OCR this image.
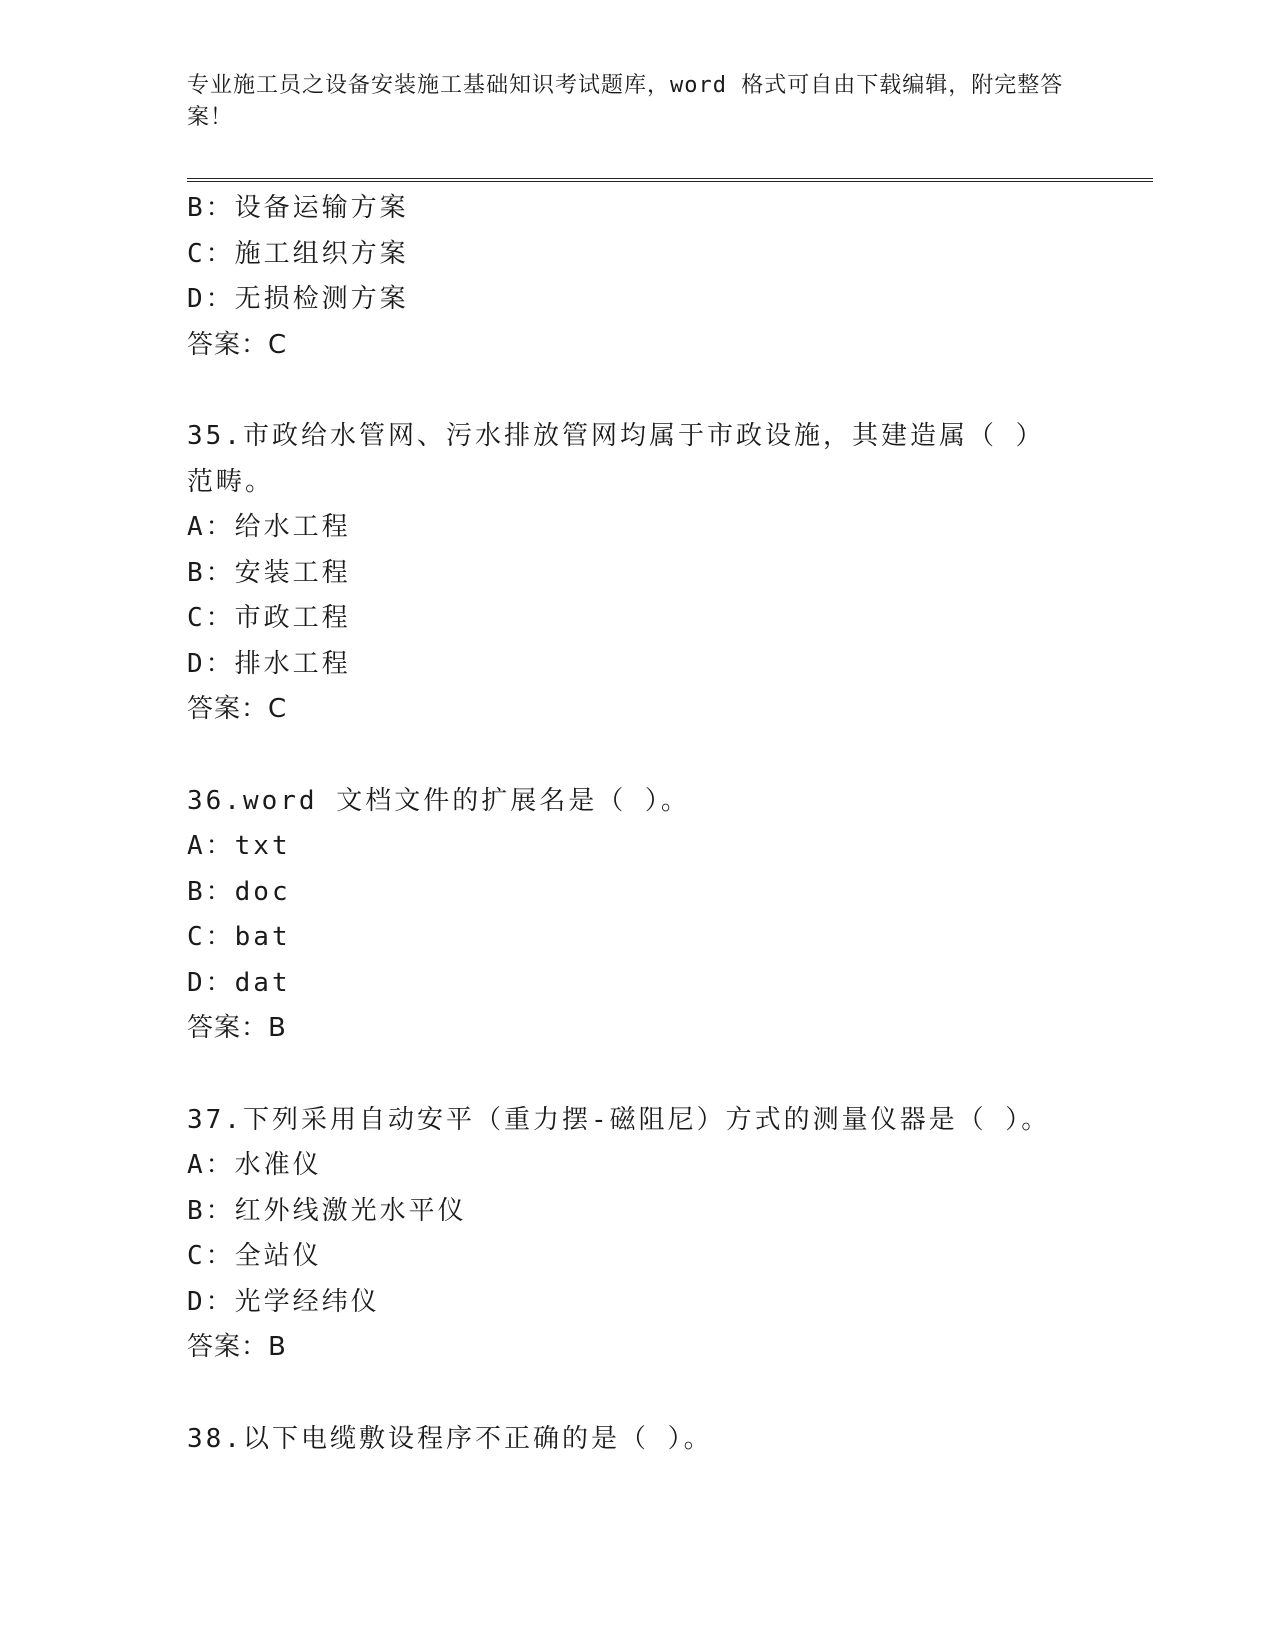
专业施工员之设备安装施工基础知识考试题库，word 格式可自由下载编辑，附完整答案！
B：设备运输方案
C：施工组织方案
D：无损检测方案
答案：C
35.市政给水管网、污水排放管网均属于市政设施，其建造属（ ）范畴。
A：给水工程
B：安装工程
C：市政工程
D：排水工程
答案：C
36.word 文档文件的扩展名是（ ）。
A：txt
B：doc
C：bat
D：dat
答案：B
37.下列采用自动安平（重力摆-磁阻尼）方式的测量仪器是（ ）。
A：水准仪
B：红外线激光水平仪
C：全站仪
D：光学经纬仪
答案：B
38.以下电缆敷设程序不正确的是（ ）。
